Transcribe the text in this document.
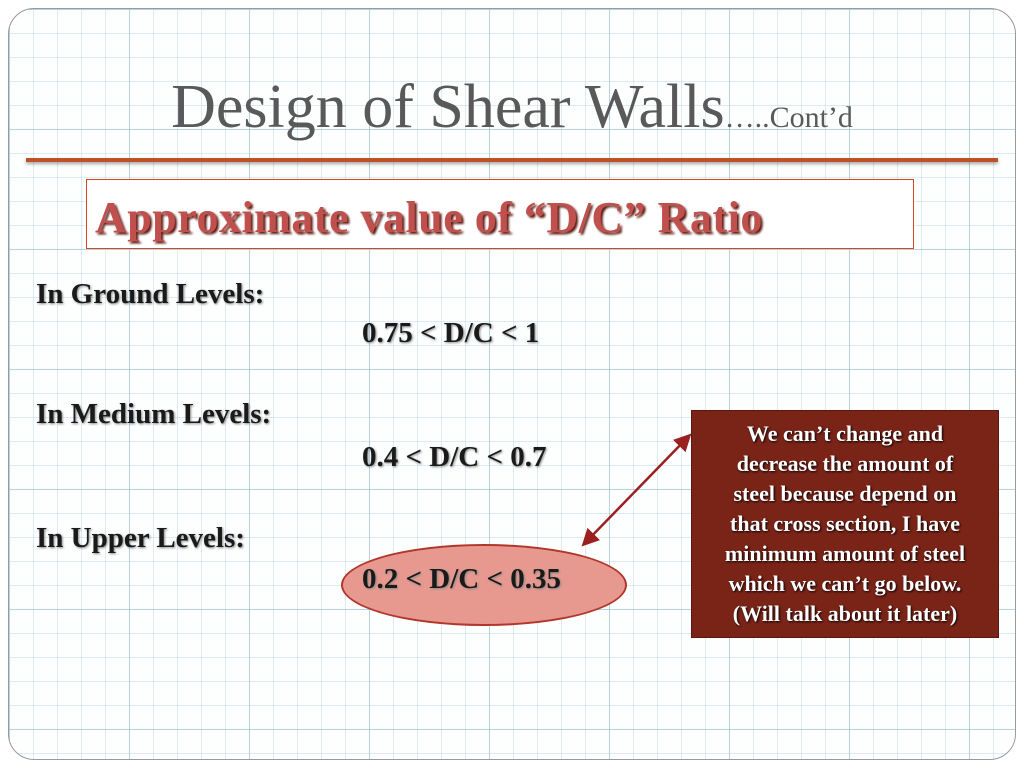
Design of Shear Walls…..Cont’d
Approximate value of “D/C” Ratio
In Ground Levels:
0.75 < D/C < 1
In Medium Levels:
0.4 < D/C < 0.7
In Upper Levels:
0.2 < D/C < 0.35
We can’t change and
decrease the amount of
steel because depend on
that cross section, I have
minimum amount of steel
which we can’t go below.
(Will talk about it later)
